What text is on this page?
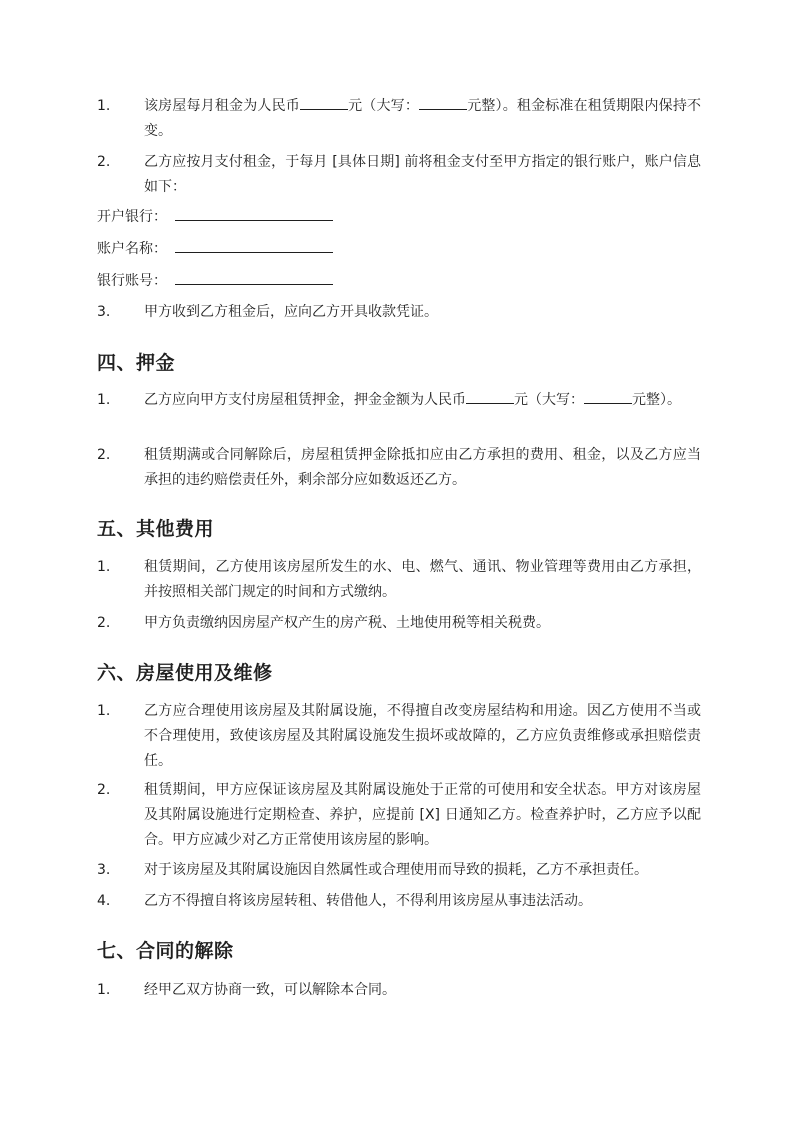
1.	该房屋每月租金为人民币	元（大写：	元整）。租金标准在租赁期限内保持不变。
2.	乙方应按月支付租金，于每月 [具体日期] 前将租金支付至甲方指定的银行账户，账户信息如下：
开户银行：
账户名称：
银行账号：
3.	甲方收到乙方租金后，应向乙方开具收款凭证。
四、押金
1.	乙方应向甲方支付房屋租赁押金，押金金额为人民币	元（大写：	元整）。
2.	租赁期满或合同解除后，房屋租赁押金除抵扣应由乙方承担的费用、租金，以及乙方应当承担的违约赔偿责任外，剩余部分应如数返还乙方。
五、其他费用
1.	租赁期间，乙方使用该房屋所发生的水、电、燃气、通讯、物业管理等费用由乙方承担，并按照相关部门规定的时间和方式缴纳。
2.	甲方负责缴纳因房屋产权产生的房产税、土地使用税等相关税费。
六、房屋使用及维修
1.	乙方应合理使用该房屋及其附属设施，不得擅自改变房屋结构和用途。因乙方使用不当或不合理使用，致使该房屋及其附属设施发生损坏或故障的，乙方应负责维修或承担赔偿责任。
2.	租赁期间，甲方应保证该房屋及其附属设施处于正常的可使用和安全状态。甲方对该房屋及其附属设施进行定期检查、养护，应提前 [X] 日通知乙方。检查养护时，乙方应予以配合。甲方应减少对乙方正常使用该房屋的影响。
3.	对于该房屋及其附属设施因自然属性或合理使用而导致的损耗，乙方不承担责任。
4.	乙方不得擅自将该房屋转租、转借他人，不得利用该房屋从事违法活动。
七、合同的解除
1.	经甲乙双方协商一致，可以解除本合同。
